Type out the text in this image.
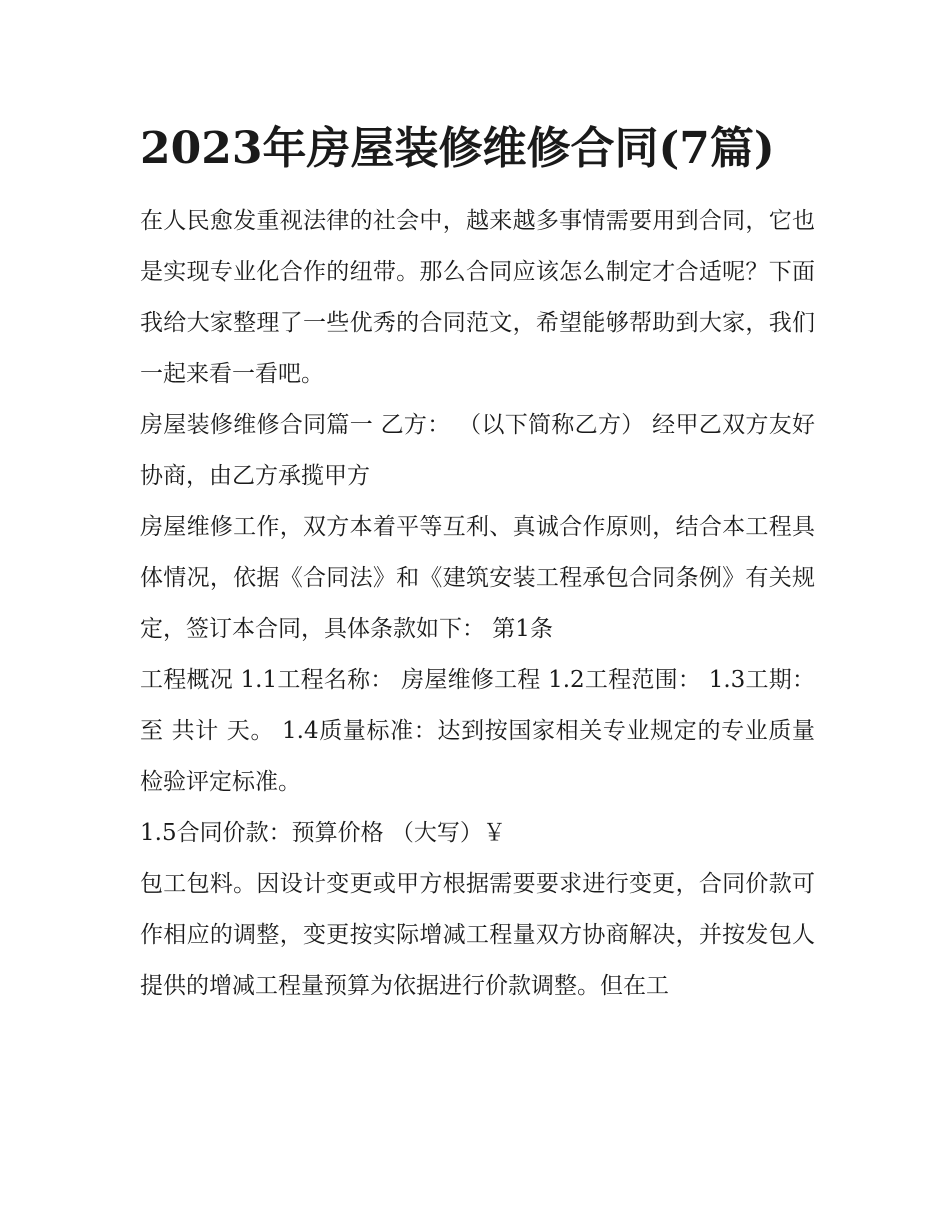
2023年房屋装修维修合同(7篇)

在人民愈发重视法律的社会中，越来越多事情需要用到合同，它也是实现专业化合作的纽带。那么合同应该怎么制定才合适呢？下面我给大家整理了一些优秀的合同范文，希望能够帮助到大家，我们一起来看一看吧。

房屋装修维修合同篇一 乙方： （以下简称乙方） 经甲乙双方友好协商，由乙方承揽甲方

房屋维修工作，双方本着平等互利、真诚合作原则，结合本工程具体情况，依据《合同法》和《建筑安装工程承包合同条例》有关规定，签订本合同，具体条款如下： 第1条

工程概况 1.1工程名称： 房屋维修工程 1.2工程范围： 1.3工期： 至 共计 天。 1.4质量标准：达到按国家相关专业规定的专业质量检验评定标准。

1.5合同价款：预算价格 （大写）￥

包工包料。因设计变更或甲方根据需要要求进行变更，合同价款可作相应的调整，变更按实际增减工程量双方协商解决，并按发包人提供的增减工程量预算为依据进行价款调整。但在工
